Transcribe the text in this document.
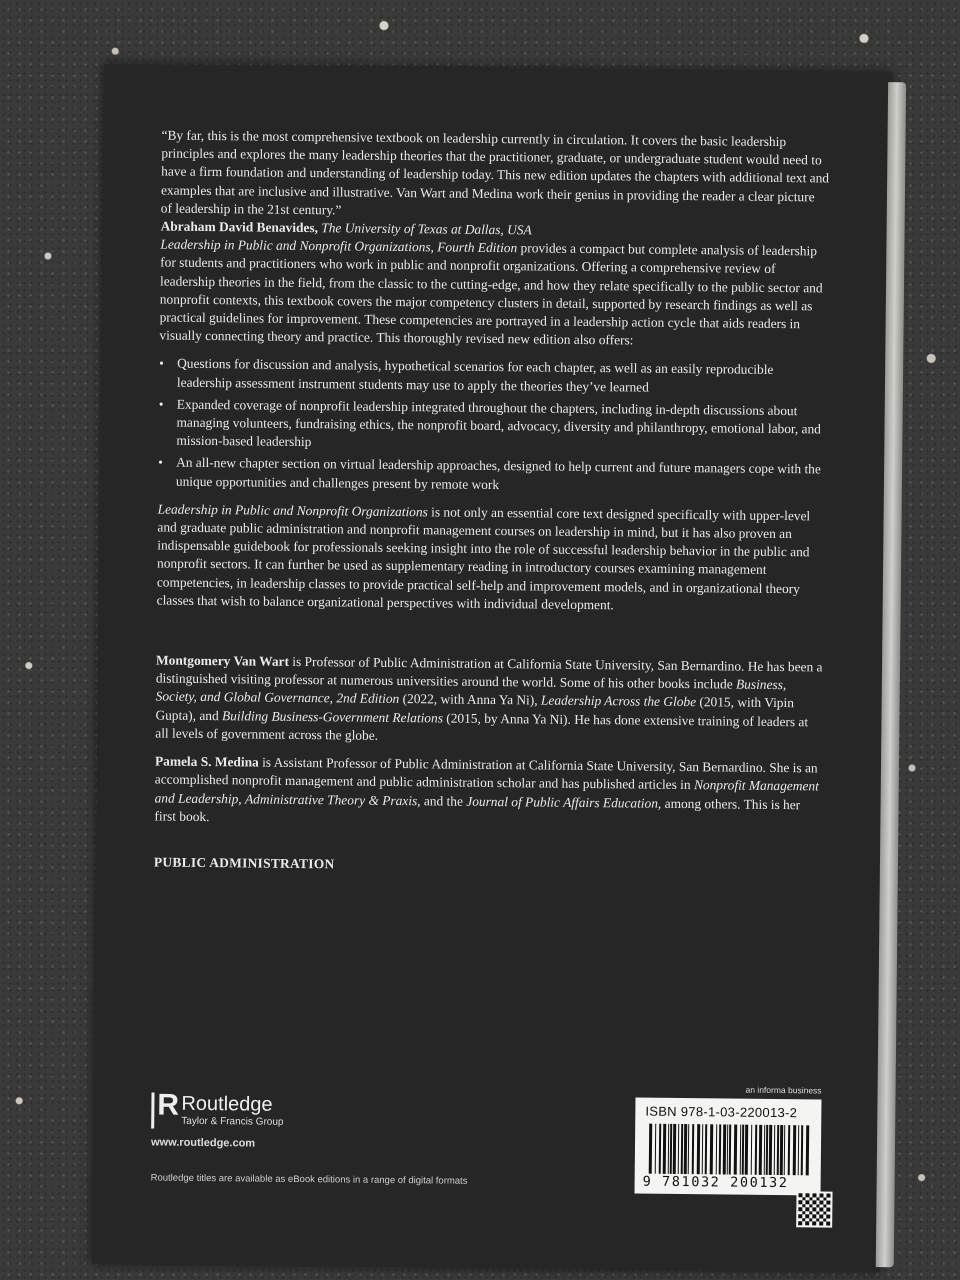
“By far, this is the most comprehensive textbook on leadership currently in circulation. It covers the basic leadership principles and explores the many leadership theories that the practitioner, graduate, or undergraduate student would need to have a firm foundation and understanding of leadership today. This new edition updates the chapters with additional text and examples that are inclusive and illustrative. Van Wart and Medina work their genius in providing the reader a clear picture of leadership in the 21st century.”

Abraham David Benavides, The University of Texas at Dallas, USA

Leadership in Public and Nonprofit Organizations, Fourth Edition provides a compact but complete analysis of leadership for students and practitioners who work in public and nonprofit organizations. Offering a comprehensive review of leadership theories in the field, from the classic to the cutting-edge, and how they relate specifically to the public sector and nonprofit contexts, this textbook covers the major competency clusters in detail, supported by research findings as well as practical guidelines for improvement. These competencies are portrayed in a leadership action cycle that aids readers in visually connecting theory and practice. This thoroughly revised new edition also offers:

• Questions for discussion and analysis, hypothetical scenarios for each chapter, as well as an easily reproducible leadership assessment instrument students may use to apply the theories they’ve learned
• Expanded coverage of nonprofit leadership integrated throughout the chapters, including in-depth discussions about managing volunteers, fundraising ethics, the nonprofit board, advocacy, diversity and philanthropy, emotional labor, and mission-based leadership
• An all-new chapter section on virtual leadership approaches, designed to help current and future managers cope with the unique opportunities and challenges present by remote work

Leadership in Public and Nonprofit Organizations is not only an essential core text designed specifically with upper-level and graduate public administration and nonprofit management courses on leadership in mind, but it has also proven an indispensable guidebook for professionals seeking insight into the role of successful leadership behavior in the public and nonprofit sectors. It can further be used as supplementary reading in introductory courses examining management competencies, in leadership classes to provide practical self-help and improvement models, and in organizational theory classes that wish to balance organizational perspectives with individual development.

Montgomery Van Wart is Professor of Public Administration at California State University, San Bernardino. He has been a distinguished visiting professor at numerous universities around the world. Some of his other books include Business, Society, and Global Governance, 2nd Edition (2022, with Anna Ya Ni), Leadership Across the Globe (2015, with Vipin Gupta), and Building Business-Government Relations (2015, by Anna Ya Ni). He has done extensive training of leaders at all levels of government across the globe.

Pamela S. Medina is Assistant Professor of Public Administration at California State University, San Bernardino. She is an accomplished nonprofit management and public administration scholar and has published articles in Nonprofit Management and Leadership, Administrative Theory & Praxis, and the Journal of Public Affairs Education, among others. This is her first book.

PUBLIC ADMINISTRATION

R Routledge
Taylor & Francis Group
www.routledge.com
Routledge titles are available as eBook editions in a range of digital formats
an informa business
ISBN 978-1-03-220013-2
9 781032 200132
